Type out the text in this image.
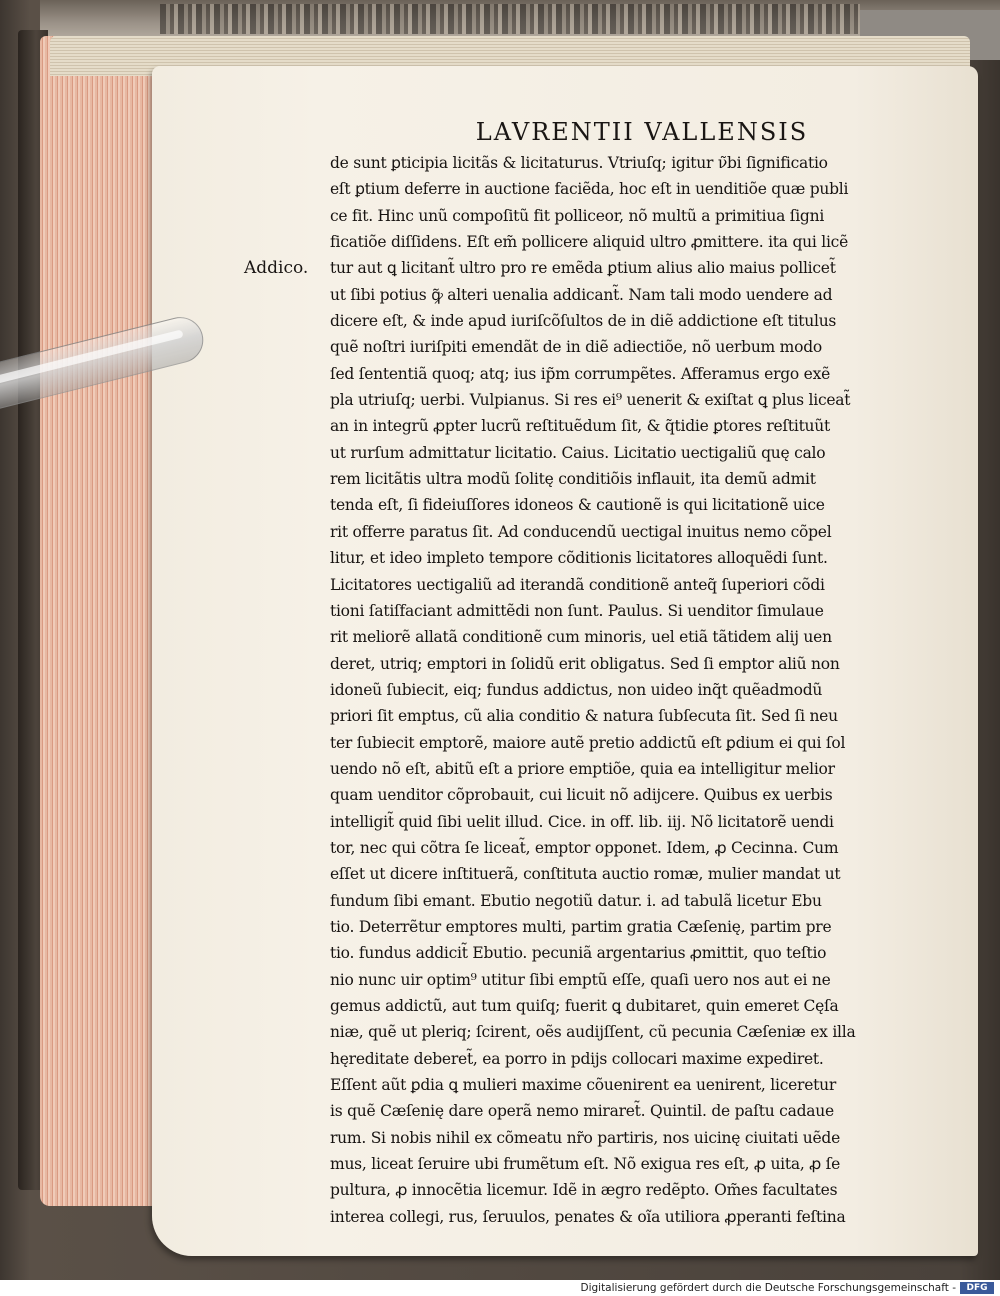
LAVRENTII VALLENSIS
Addico.
de sunt ꝑticipia licitãs & licitaturus. Vtriuſq; igitur ν̃bi ſignificatio
eſt ꝑtium deferre in auctione faciẽda, hoc eſt in uenditiõe quæ publi
ce fit. Hinc unũ compoſitũ fit polliceor, nõ multũ a primitiua ſigni
ficatiõe diſſidens. Eſt em̃ pollicere aliquid ultro ꝓmittere. ita qui licẽ
tur aut ꝗ licitant̃ ultro pro re emẽda ꝑtium alius alio maius pollicet̃
ut ſibi potius ꝙ̃ alteri uenalia addicant̃. Nam tali modo uendere ad
dicere eſt, & inde apud iuriſcõſultos de in diẽ addictione eſt titulus
quẽ noſtri iuriſpiti emendãt de in diẽ adiectiõe, nõ uerbum modo
ſed ſententiã quoq; atq; ius ip̃m corrumpẽtes. Afferamus ergo exẽ
pla utriuſq; uerbi. Vulpianus. Si res ei⁹ uenerit & exiſtat ꝗ plus liceat̃
an in integrũ ꝓpter lucrũ reſtituẽdum ſit, & q̃tidie ꝑtores reſtituũt
ut rurſum admittatur licitatio. Caius. Licitatio uectigaliũ quę calo
rem licitãtis ultra modũ ſolitę conditiõis inflauit, ita demũ admit
tenda eſt, ſi fideiuſſores idoneos & cautionẽ is qui licitationẽ uice
rit offerre paratus ſit. Ad conducendũ uectigal inuitus nemo cõpel
litur, et ideo impleto tempore cõditionis licitatores alloquẽdi ſunt.
Licitatores uectigaliũ ad iterandã conditionẽ anteq̃ ſuperiori cõdi
tioni ſatiſfaciant admittẽdi non ſunt. Paulus. Si uenditor ſimulaue
rit meliorẽ allatã conditionẽ cum minoris, uel etiã tãtidem alij uen
deret, utriq; emptori in ſolidũ erit obligatus. Sed ſi emptor aliũ non
idoneũ ſubiecit, eiq; fundus addictus, non uideo inq̃t quẽadmodũ
priori ſit emptus, cũ alia conditio & natura ſubſecuta ſit. Sed ſi neu
ter ſubiecit emptorẽ, maiore autẽ pretio addictũ eſt ꝑdium ei qui ſol
uendo nõ eſt, abitũ eſt a priore emptiõe, quia ea intelligitur melior
quam uenditor cõprobauit, cui licuit nõ adijcere. Quibus ex uerbis
intelligit̃ quid ſibi uelit illud. Cice. in off. lib. iij. Nõ licitatorẽ uendi
tor, nec qui cõtra ſe liceat̃, emptor opponet. Idem, ꝓ Cecinna. Cum
eſſet ut dicere inſtituerã, conſtituta auctio romæ, mulier mandat ut
fundum ſibi emant. Ebutio negotiũ datur. i. ad tabulã licetur Ebu
tio. Deterrẽtur emptores multi, partim gratia Cæſenię, partim pre
tio. fundus addicit̃ Ebutio. pecuniã argentarius ꝓmittit, quo teſtio
nio nunc uir optim⁹ utitur ſibi emptũ eſſe, quaſi uero nos aut ei ne
gemus addictũ, aut tum quiſq; fuerit ꝗ dubitaret, quin emeret Cęſa
niæ, quẽ ut pleriq; ſcirent, oẽs audijſſent, cũ pecunia Cæſeniæ ex illa
hęreditate deberet̃, ea porro in pdijs collocari maxime expediret.
Eſſent aũt ꝑdia ꝗ mulieri maxime cõuenirent ea uenirent, liceretur
is quẽ Cæſenię dare operã nemo miraret̃. Quintil. de paſtu cadaue
rum. Si nobis nihil ex cõmeatu nr̃o partiris, nos uicinę ciuitati uẽde
mus, liceat ſeruire ubi frumẽtum eſt. Nõ exigua res eſt, ꝓ uita, ꝓ ſe
pultura, ꝓ innocẽtia licemur. Idẽ in ægro redẽpto. Om̃es facultates
interea collegi, rus, ſeruulos, penates & oĩa utiliora ꝓperanti feſtina
Digitalisierung gefördert durch die Deutsche Forschungsgemeinschaft -	DFG
